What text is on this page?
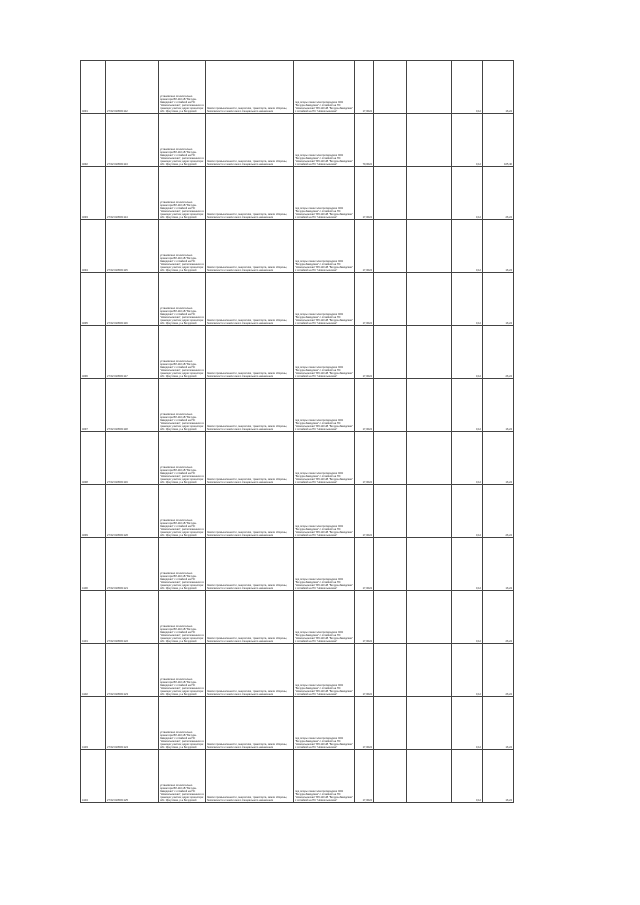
4091	27:02:010503:112	установлено относительно ориентира ВЛ-110 кВ "Бичура-Заводская" с отпайкой на ПС "Новоильинская", расположенного в границах участка; адрес ориентира: обл. Иркутская, р-н Бичурский	Земли промышленности, энергетики, транспорта, земли обороны, безопасности и земли иного специального назначения	под опоры линии электропередачи ЭСК "Бичура-Заводская" с отпайкой на ПС "Новоильинская" ВЛ-110 кВ "Бичура-Заводская" с отпайкой на ПС "Новоильинская"	17,0024			0,12	16,24

4092	27:02:010503:113	установлено относительно ориентира ВЛ-110 кВ "Бичура-Заводская" с отпайкой на ПС "Новоильинская", расположенного в границах участка; адрес ориентира: обл. Иркутская, р-н Бичурский	Земли промышленности, энергетики, транспорта, земли обороны, безопасности и земли иного специального назначения	под опоры линии электропередачи ЭСК "Бичура-Заводская" с отпайкой на ПС "Новоильинская" ВЛ-110 кВ "Бичура-Заводская" с отпайкой на ПС "Новоильинская"	79,0024			0,12	105,46

4093	27:02:010503:114	установлено относительно ориентира ВЛ-110 кВ "Бичура-Заводская" с отпайкой на ПС "Новоильинская", расположенного в границах участка; адрес ориентира: обл. Иркутская, р-н Бичурский	Земли промышленности, энергетики, транспорта, земли обороны, безопасности и земли иного специального назначения	под опоры линии электропередачи ЭСК "Бичура-Заводская" с отпайкой на ПС "Новоильинская" ВЛ-110 кВ "Бичура-Заводская" с отпайкой на ПС "Новоильинская"	17,0024			0,12	26,24

4094	27:02:010503:115	установлено относительно ориентира ВЛ-110 кВ "Бичура-Заводская" с отпайкой на ПС "Новоильинская", расположенного в границах участка; адрес ориентира: обл. Иркутская, р-н Бичурский	Земли промышленности, энергетики, транспорта, земли обороны, безопасности и земли иного специального назначения	под опоры линии электропередачи ЭСК "Бичура-Заводская" с отпайкой на ПС "Новоильинская" ВЛ-110 кВ "Бичура-Заводская" с отпайкой на ПС "Новоильинская"	17,0024			0,12	16,24

4095	27:02:010503:116	установлено относительно ориентира ВЛ-110 кВ "Бичура-Заводская" с отпайкой на ПС "Новоильинская", расположенного в границах участка; адрес ориентира: обл. Иркутская, р-н Бичурский	Земли промышленности, энергетики, транспорта, земли обороны, безопасности и земли иного специального назначения	под опоры линии электропередачи ЭСК "Бичура-Заводская" с отпайкой на ПС "Новоильинская" ВЛ-110 кВ "Бичура-Заводская" с отпайкой на ПС "Новоильинская"	17,0024			0,12	16,24

4096	27:02:010503:117	установлено относительно ориентира ВЛ-110 кВ "Бичура-Заводская" с отпайкой на ПС "Новоильинская", расположенного в границах участка; адрес ориентира: обл. Иркутская, р-н Бичурский	Земли промышленности, энергетики, транспорта, земли обороны, безопасности и земли иного специального назначения	под опоры линии электропередачи ЭСК "Бичура-Заводская" с отпайкой на ПС "Новоильинская" ВЛ-110 кВ "Бичура-Заводская" с отпайкой на ПС "Новоильинская"	17,0024			0,12	26,24

4097	27:02:010503:118	установлено относительно ориентира ВЛ-110 кВ "Бичура-Заводская" с отпайкой на ПС "Новоильинская", расположенного в границах участка; адрес ориентира: обл. Иркутская, р-н Бичурский	Земли промышленности, энергетики, транспорта, земли обороны, безопасности и земли иного специального назначения	под опоры линии электропередачи ЭСК "Бичура-Заводская" с отпайкой на ПС "Новоильинская" ВЛ-110 кВ "Бичура-Заводская" с отпайкой на ПС "Новоильинская"	17,0024			0,12	16,24

4098	27:02:010503:119	установлено относительно ориентира ВЛ-110 кВ "Бичура-Заводская" с отпайкой на ПС "Новоильинская", расположенного в границах участка; адрес ориентира: обл. Иркутская, р-н Бичурский	Земли промышленности, энергетики, транспорта, земли обороны, безопасности и земли иного специального назначения	под опоры линии электропередачи ЭСК "Бичура-Заводская" с отпайкой на ПС "Новоильинская" ВЛ-110 кВ "Бичура-Заводская" с отпайкой на ПС "Новоильинская"	17,0024			0,12	16,24

4099	27:02:010503:120	установлено относительно ориентира ВЛ-110 кВ "Бичура-Заводская" с отпайкой на ПС "Новоильинская", расположенного в границах участка; адрес ориентира: обл. Иркутская, р-н Бичурский	Земли промышленности, энергетики, транспорта, земли обороны, безопасности и земли иного специального назначения	под опоры линии электропередачи ЭСК "Бичура-Заводская" с отпайкой на ПС "Новоильинская" ВЛ-110 кВ "Бичура-Заводская" с отпайкой на ПС "Новоильинская"	17,0024			0,12	26,24

4100	27:02:010503:121	установлено относительно ориентира ВЛ-110 кВ "Бичура-Заводская" с отпайкой на ПС "Новоильинская", расположенного в границах участка; адрес ориентира: обл. Иркутская, р-н Бичурский	Земли промышленности, энергетики, транспорта, земли обороны, безопасности и земли иного специального назначения	под опоры линии электропередачи ЭСК "Бичура-Заводская" с отпайкой на ПС "Новоильинская" ВЛ-110 кВ "Бичура-Заводская" с отпайкой на ПС "Новоильинская"	17,0024			0,12	16,24

4101	27:02:010503:122	установлено относительно ориентира ВЛ-110 кВ "Бичура-Заводская" с отпайкой на ПС "Новоильинская", расположенного в границах участка; адрес ориентира: обл. Иркутская, р-н Бичурский	Земли промышленности, энергетики, транспорта, земли обороны, безопасности и земли иного специального назначения	под опоры линии электропередачи ЭСК "Бичура-Заводская" с отпайкой на ПС "Новоильинская" ВЛ-110 кВ "Бичура-Заводская" с отпайкой на ПС "Новоильинская"	17,0024			0,12	26,24

4102	27:02:010503:123	установлено относительно ориентира ВЛ-110 кВ "Бичура-Заводская" с отпайкой на ПС "Новоильинская", расположенного в границах участка; адрес ориентира: обл. Иркутская, р-н Бичурский	Земли промышленности, энергетики, транспорта, земли обороны, безопасности и земли иного специального назначения	под опоры линии электропередачи ЭСК "Бичура-Заводская" с отпайкой на ПС "Новоильинская" ВЛ-110 кВ "Бичура-Заводская" с отпайкой на ПС "Новоильинская"	17,0024			0,12	26,24

4103	27:02:010503:124	установлено относительно ориентира ВЛ-110 кВ "Бичура-Заводская" с отпайкой на ПС "Новоильинская", расположенного в границах участка; адрес ориентира: обл. Иркутская, р-н Бичурский	Земли промышленности, энергетики, транспорта, земли обороны, безопасности и земли иного специального назначения	под опоры линии электропередачи ЭСК "Бичура-Заводская" с отпайкой на ПС "Новоильинская" ВЛ-110 кВ "Бичура-Заводская" с отпайкой на ПС "Новоильинская"	17,0024			0,12	16,24

4104	27:02:010503:125	установлено относительно ориентира ВЛ-110 кВ "Бичура-Заводская" с отпайкой на ПС "Новоильинская", расположенного в границах участка; адрес ориентира: обл. Иркутская, р-н Бичурский	Земли промышленности, энергетики, транспорта, земли обороны, безопасности и земли иного специального назначения	под опоры линии электропередачи ЭСК "Бичура-Заводская" с отпайкой на ПС "Новоильинская" ВЛ-110 кВ "Бичура-Заводская" с отпайкой на ПС "Новоильинская"	17,0024			0,12	16,24
